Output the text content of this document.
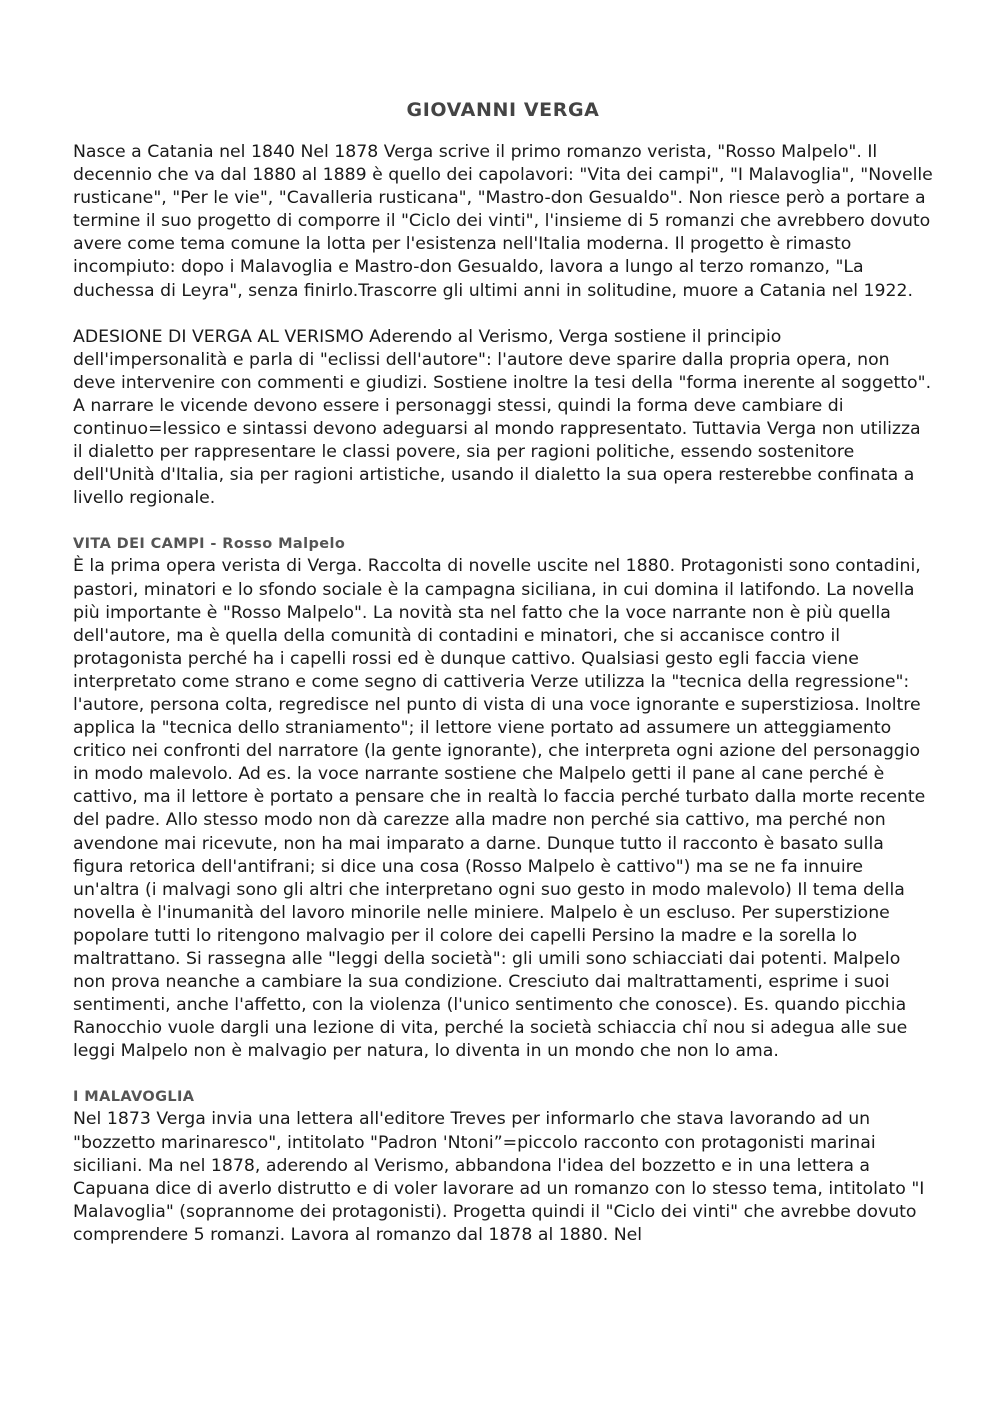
GIOVANNI VERGA

Nasce a Catania nel 1840 Nel 1878 Verga scrive il primo romanzo verista, "Rosso Malpelo". Il decennio che va dal 1880 al 1889 è quello dei capolavori: "Vita dei campi", "I Malavoglia", "Novelle rusticane", "Per le vie", "Cavalleria rusticana", "Mastro-don Gesualdo". Non riesce però a portare a termine il suo progetto di comporre il "Ciclo dei vinti", l'insieme di 5 romanzi che avrebbero dovuto avere come tema comune la lotta per l'esistenza nell'Italia moderna. Il progetto è rimasto incompiuto: dopo i Malavoglia e Mastro-don Gesualdo, lavora a lungo al terzo romanzo, "La duchessa di Leyra", senza finirlo.Trascorre gli ultimi anni in solitudine, muore a Catania nel 1922.

ADESIONE DI VERGA AL VERISMO Aderendo al Verismo, Verga sostiene il principio dell'impersonalità e parla di "eclissi dell'autore": l'autore deve sparire dalla propria opera, non deve intervenire con commenti e giudizi. Sostiene inoltre la tesi della "forma inerente al soggetto". A narrare le vicende devono essere i personaggi stessi, quindi la forma deve cambiare di continuo=lessico e sintassi devono adeguarsi al mondo rappresentato. Tuttavia Verga non utilizza il dialetto per rappresentare le classi povere, sia per ragioni politiche, essendo sostenitore dell'Unità d'Italia, sia per ragioni artistiche, usando il dialetto la sua opera resterebbe confinata a livello regionale.

VITA DEI CAMPI - Rosso Malpelo

È la prima opera verista di Verga. Raccolta di novelle uscite nel 1880. Protagonisti sono contadini, pastori, minatori e lo sfondo sociale è la campagna siciliana, in cui domina il latifondo. La novella più importante è "Rosso Malpelo". La novità sta nel fatto che la voce narrante non è più quella dell'autore, ma è quella della comunità di contadini e minatori, che si accanisce contro il protagonista perché ha i capelli rossi ed è dunque cattivo. Qualsiasi gesto egli faccia viene interpretato come strano e come segno di cattiveria Verze utilizza la "tecnica della regressione": l'autore, persona colta, regredisce nel punto di vista di una voce ignorante e superstiziosa. Inoltre applica la "tecnica dello straniamento"; il lettore viene portato ad assumere un atteggiamento critico nei confronti del narratore (la gente ignorante), che interpreta ogni azione del personaggio in modo malevolo. Ad es. la voce narrante sostiene che Malpelo getti il pane al cane perché è cattivo, ma il lettore è portato a pensare che in realtà lo faccia perché turbato dalla morte recente del padre. Allo stesso modo non dà carezze alla madre non perché sia cattivo, ma perché non avendone mai ricevute, non ha mai imparato a darne. Dunque tutto il racconto è basato sulla figura retorica dell'antifrani; si dice una cosa (Rosso Malpelo è cattivo") ma se ne fa innuire un'altra (i malvagi sono gli altri che interpretano ogni suo gesto in modo malevolo) Il tema della novella è l'inumanità del lavoro minorile nelle miniere. Malpelo è un escluso. Per superstizione popolare tutti lo ritengono malvagio per il colore dei capelli Persino la madre e la sorella lo maltrattano. Si rassegna alle "leggi della società": gli umili sono schiacciati dai potenti. Malpelo non prova neanche a cambiare la sua condizione. Cresciuto dai maltrattamenti, esprime i suoi sentimenti, anche l'affetto, con la violenza (l'unico sentimento che conosce). Es. quando picchia Ranocchio vuole dargli una lezione di vita, perché la società schiaccia chỉ nou si adegua alle sue leggi Malpelo non è malvagio per natura, lo diventa in un mondo che non lo ama.

I MALAVOGLIA

Nel 1873 Verga invia una lettera all'editore Treves per informarlo che stava lavorando ad un "bozzetto marinaresco", intitolato "Padron 'Ntoni”=piccolo racconto con protagonisti marinai siciliani. Ma nel 1878, aderendo al Verismo, abbandona l'idea del bozzetto e in una lettera a Capuana dice di averlo distrutto e di voler lavorare ad un romanzo con lo stesso tema, intitolato "I Malavoglia" (soprannome dei protagonisti). Progetta quindi il "Ciclo dei vinti" che avrebbe dovuto comprendere 5 romanzi. Lavora al romanzo dal 1878 al 1880. Nel
